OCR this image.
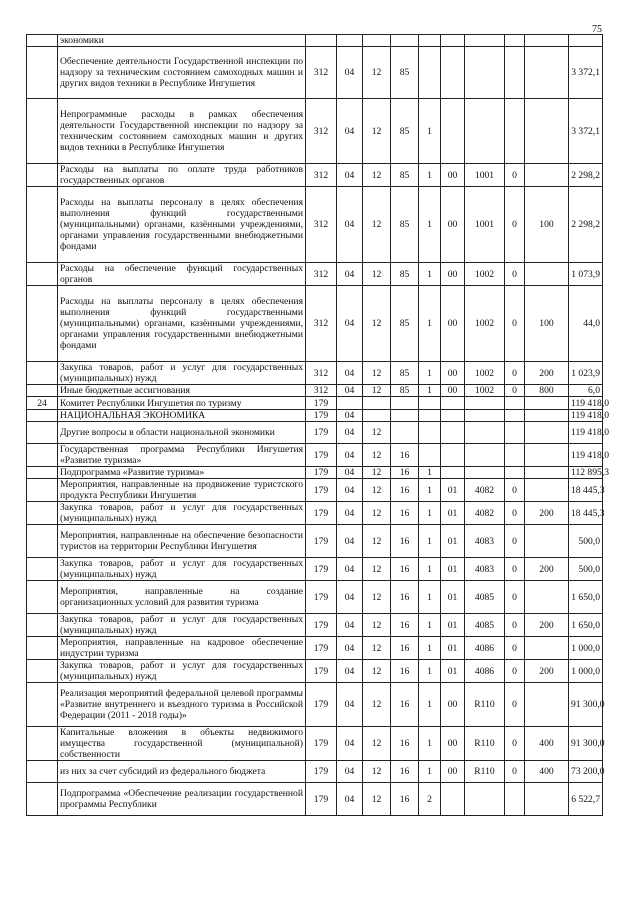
75
	экономики										
	Обеспечение деятельности Государственной инспекции по надзору за техническим состоянием самоходных машин и других видов техники в Республике Ингушетия	312	04	12	85						3 372,1
	Непрограммные расходы в рамках обеспечения деятельности Государственной инспекции по надзору за техническим состоянием самоходных машин и других видов техники в Республике Ингушетия	312	04	12	85	1					3 372,1
	Расходы на выплаты по оплате труда работников государственных органов	312	04	12	85	1	00	1001	0		2 298,2
	Расходы на выплаты персоналу в целях обеспечения выполнения функций государственными (муниципальными) органами, казёнными учреждениями, органами управления государственными внебюджетными фондами	312	04	12	85	1	00	1001	0	100	2 298,2
	Расходы на обеспечение функций государственных органов	312	04	12	85	1	00	1002	0		1 073,9
	Расходы на выплаты персоналу в целях обеспечения выполнения функций государственными (муниципальными) органами, казёнными учреждениями, органами управления государственными внебюджетными фондами	312	04	12	85	1	00	1002	0	100	44,0
	Закупка товаров, работ и услуг для государственных (муниципальных) нужд	312	04	12	85	1	00	1002	0	200	1 023,9
	Иные бюджетные ассигнования	312	04	12	85	1	00	1002	0	800	6,0
24	Комитет Республики Ингушетия по туризму	179									119 418,0
	НАЦИОНАЛЬНАЯ ЭКОНОМИКА	179	04								119 418,0
	Другие вопросы в области национальной экономики	179	04	12							119 418,0
	Государственная программа Республики Ингушетия «Развитие туризма»	179	04	12	16						119 418,0
	Подпрограмма «Развитие туризма»	179	04	12	16	1					112 895,3
	Мероприятия, направленные на продвижение туристского продукта Республики Ингушетия	179	04	12	16	1	01	4082	0		18 445,3
	Закупка товаров, работ и услуг для государственных (муниципальных) нужд	179	04	12	16	1	01	4082	0	200	18 445,3
	Мероприятия, направленные на обеспечение безопасности туристов на территории Республики Ингушетия	179	04	12	16	1	01	4083	0		500,0
	Закупка товаров, работ и услуг для государственных (муниципальных) нужд	179	04	12	16	1	01	4083	0	200	500,0
	Мероприятия, направленные на создание организационных условий для развития туризма	179	04	12	16	1	01	4085	0		1 650,0
	Закупка товаров, работ и услуг для государственных (муниципальных) нужд	179	04	12	16	1	01	4085	0	200	1 650,0
	Мероприятия, направленные на кадровое обеспечение индустрии туризма	179	04	12	16	1	01	4086	0		1 000,0
	Закупка товаров, работ и услуг для государственных (муниципальных) нужд	179	04	12	16	1	01	4086	0	200	1 000,0
	Реализация мероприятий федеральной целевой программы «Развитие внутреннего и въездного туризма в Российской Федерации (2011 - 2018 годы)»	179	04	12	16	1	00	R110	0		91 300,0
	Капитальные вложения в объекты недвижимого имущества государственной (муниципальной) собственности	179	04	12	16	1	00	R110	0	400	91 300,0
	из них за счет субсидий из федерального бюджета	179	04	12	16	1	00	R110	0	400	73 200,0
	Подпрограмма «Обеспечение реализации государственной программы Республики	179	04	12	16	2					6 522,7
